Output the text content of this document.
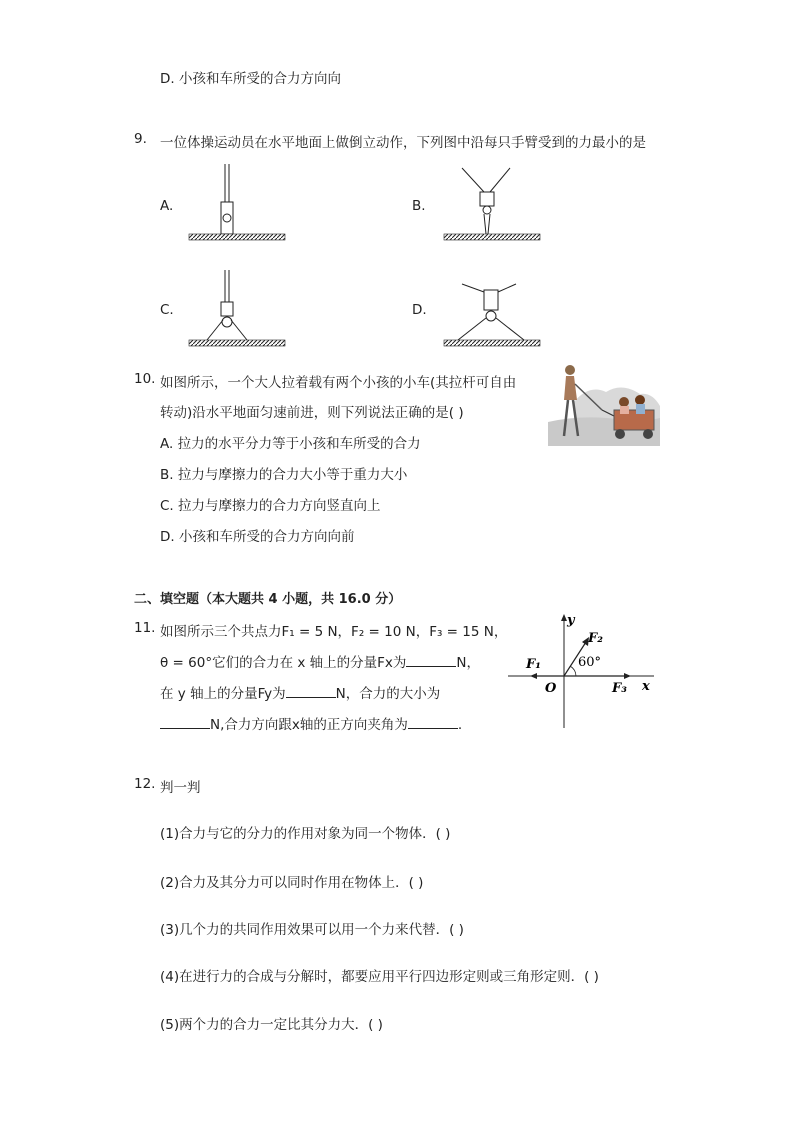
D. 小孩和车所受的合力方向向
9. 一位体操运动员在水平地面上做倒立动作，下列图中沿每只手臂受到的力最小的是
A.	B.
C.	D.
10. 如图所示，一个大人拉着载有两个小孩的小车(其拉杆可自由
转动)沿水平地面匀速前进，则下列说法正确的是( )
A. 拉力的水平分力等于小孩和车所受的合力
B. 拉力与摩擦力的合力大小等于重力大小
C. 拉力与摩擦力的合力方向竖直向上
D. 小孩和车所受的合力方向向前
二、填空题（本大题共 4 小题，共 16.0 分）
11. 如图所示三个共点力F₁ = 5 N，F₂ = 10 N，F₃ = 15 N，
θ = 60°它们的合力在 x 轴上的分量Fx为	N，
在 y 轴上的分量Fy为	N，合力的大小为
N,合力方向跟x轴的正方向夹角为	.
y
x
O
F₁
F₂
F₃
60°
12. 判一判
(1)合力与它的分力的作用对象为同一个物体．( )
(2)合力及其分力可以同时作用在物体上．( )
(3)几个力的共同作用效果可以用一个力来代替．( )
(4)在进行力的合成与分解时，都要应用平行四边形定则或三角形定则．( )
(5)两个力的合力一定比其分力大．( )
